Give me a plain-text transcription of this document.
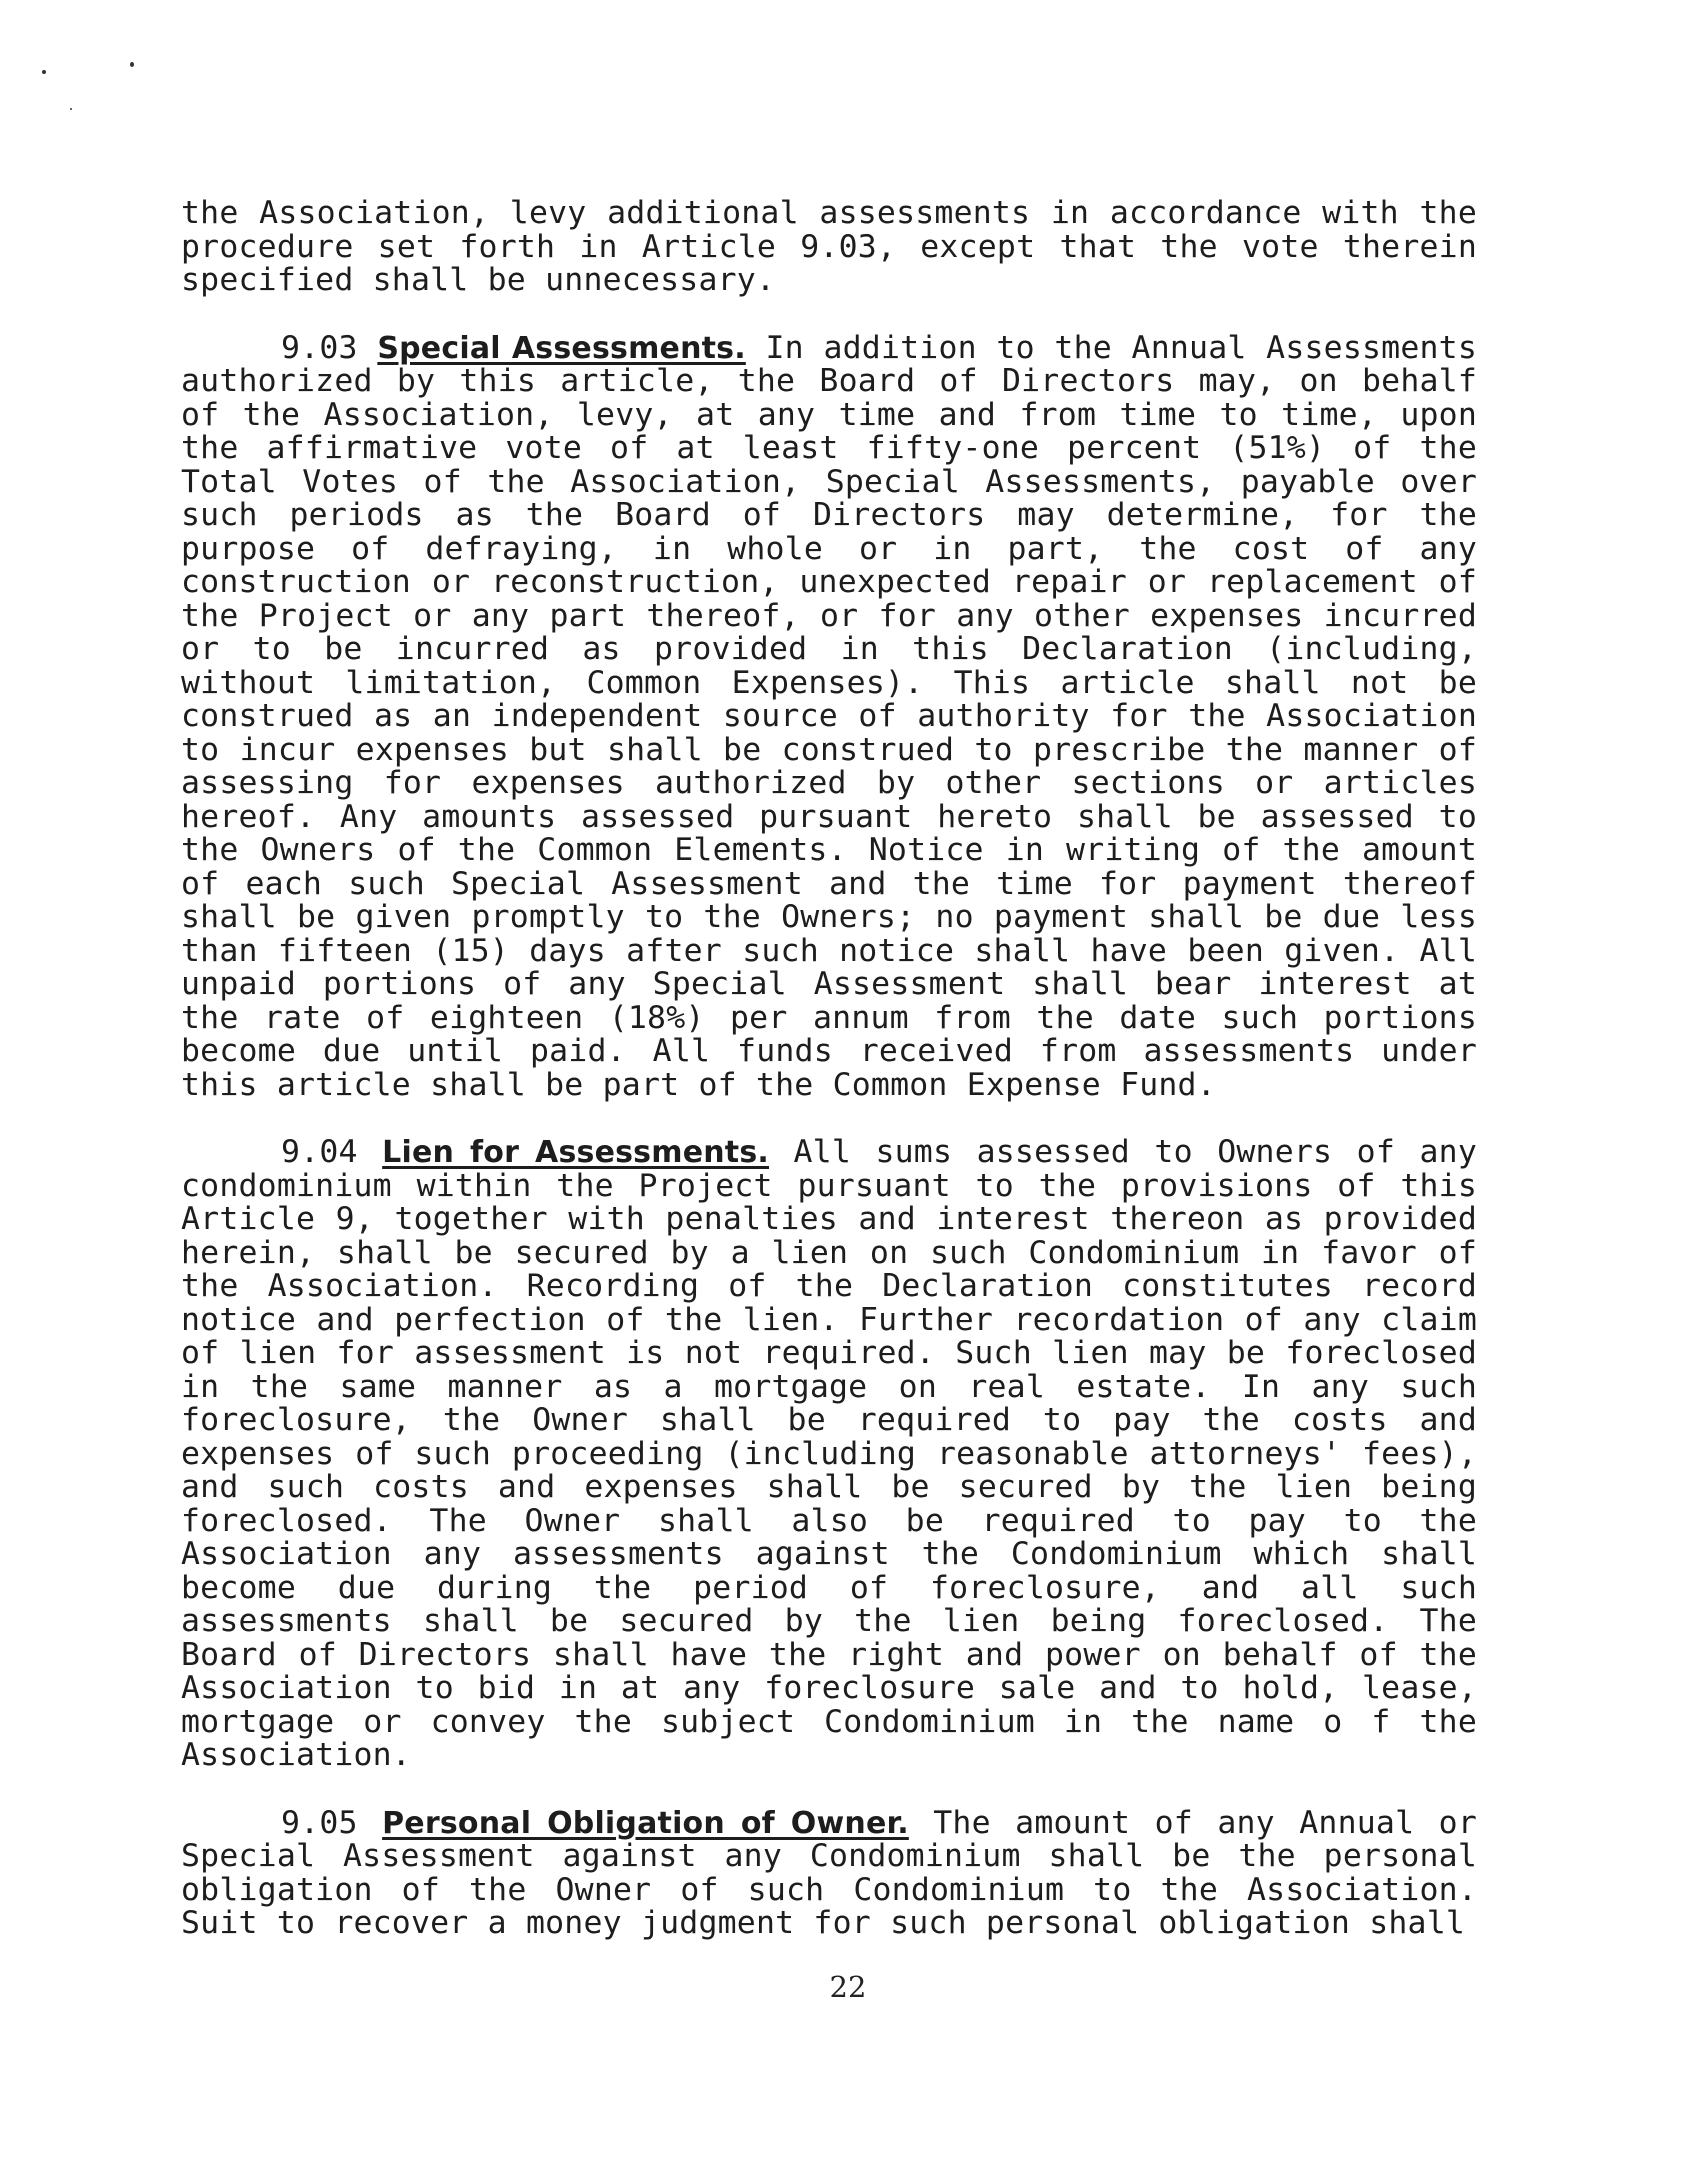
the Association, levy additional assessments in accordance with the procedure set forth in Article 9.03, except that the vote therein specified shall be unnecessary.

9.03 Special Assessments. In addition to the Annual Assessments authorized by this article, the Board of Directors may, on behalf of the Association, levy, at any time and from time to time, upon the affirmative vote of at least fifty-one percent (51%) of the Total Votes of the Association, Special Assessments, payable over such periods as the Board of Directors may determine, for the purpose of defraying, in whole or in part, the cost of any construction or reconstruction, unexpected repair or replacement of the Project or any part thereof, or for any other expenses incurred or to be incurred as provided in this Declaration (including, without limitation, Common Expenses). This article shall not be construed as an independent source of authority for the Association to incur expenses but shall be construed to prescribe the manner of assessing for expenses authorized by other sections or articles hereof. Any amounts assessed pursuant hereto shall be assessed to the Owners of the Common Elements. Notice in writing of the amount of each such Special Assessment and the time for payment thereof shall be given promptly to the Owners; no payment shall be due less than fifteen (15) days after such notice shall have been given. All unpaid portions of any Special Assessment shall bear interest at the rate of eighteen (18%) per annum from the date such portions become due until paid. All funds received from assessments under this article shall be part of the Common Expense Fund.

9.04 Lien for Assessments. All sums assessed to Owners of any condominium within the Project pursuant to the provisions of this Article 9, together with penalties and interest thereon as provided herein, shall be secured by a lien on such Condominium in favor of the Association. Recording of the Declaration constitutes record notice and perfection of the lien. Further recordation of any claim of lien for assessment is not required. Such lien may be foreclosed in the same manner as a mortgage on real estate. In any such foreclosure, the Owner shall be required to pay the costs and expenses of such proceeding (including reasonable attorneys' fees), and such costs and expenses shall be secured by the lien being foreclosed. The Owner shall also be required to pay to the Association any assessments against the Condominium which shall become due during the period of foreclosure, and all such assessments shall be secured by the lien being foreclosed. The Board of Directors shall have the right and power on behalf of the Association to bid in at any foreclosure sale and to hold, lease, mortgage or convey the subject Condominium in the name o f the Association.

9.05 Personal Obligation of Owner. The amount of any Annual or Special Assessment against any Condominium shall be the personal obligation of the Owner of such Condominium to the Association. Suit to recover a money judgment for such personal obligation shall

22
